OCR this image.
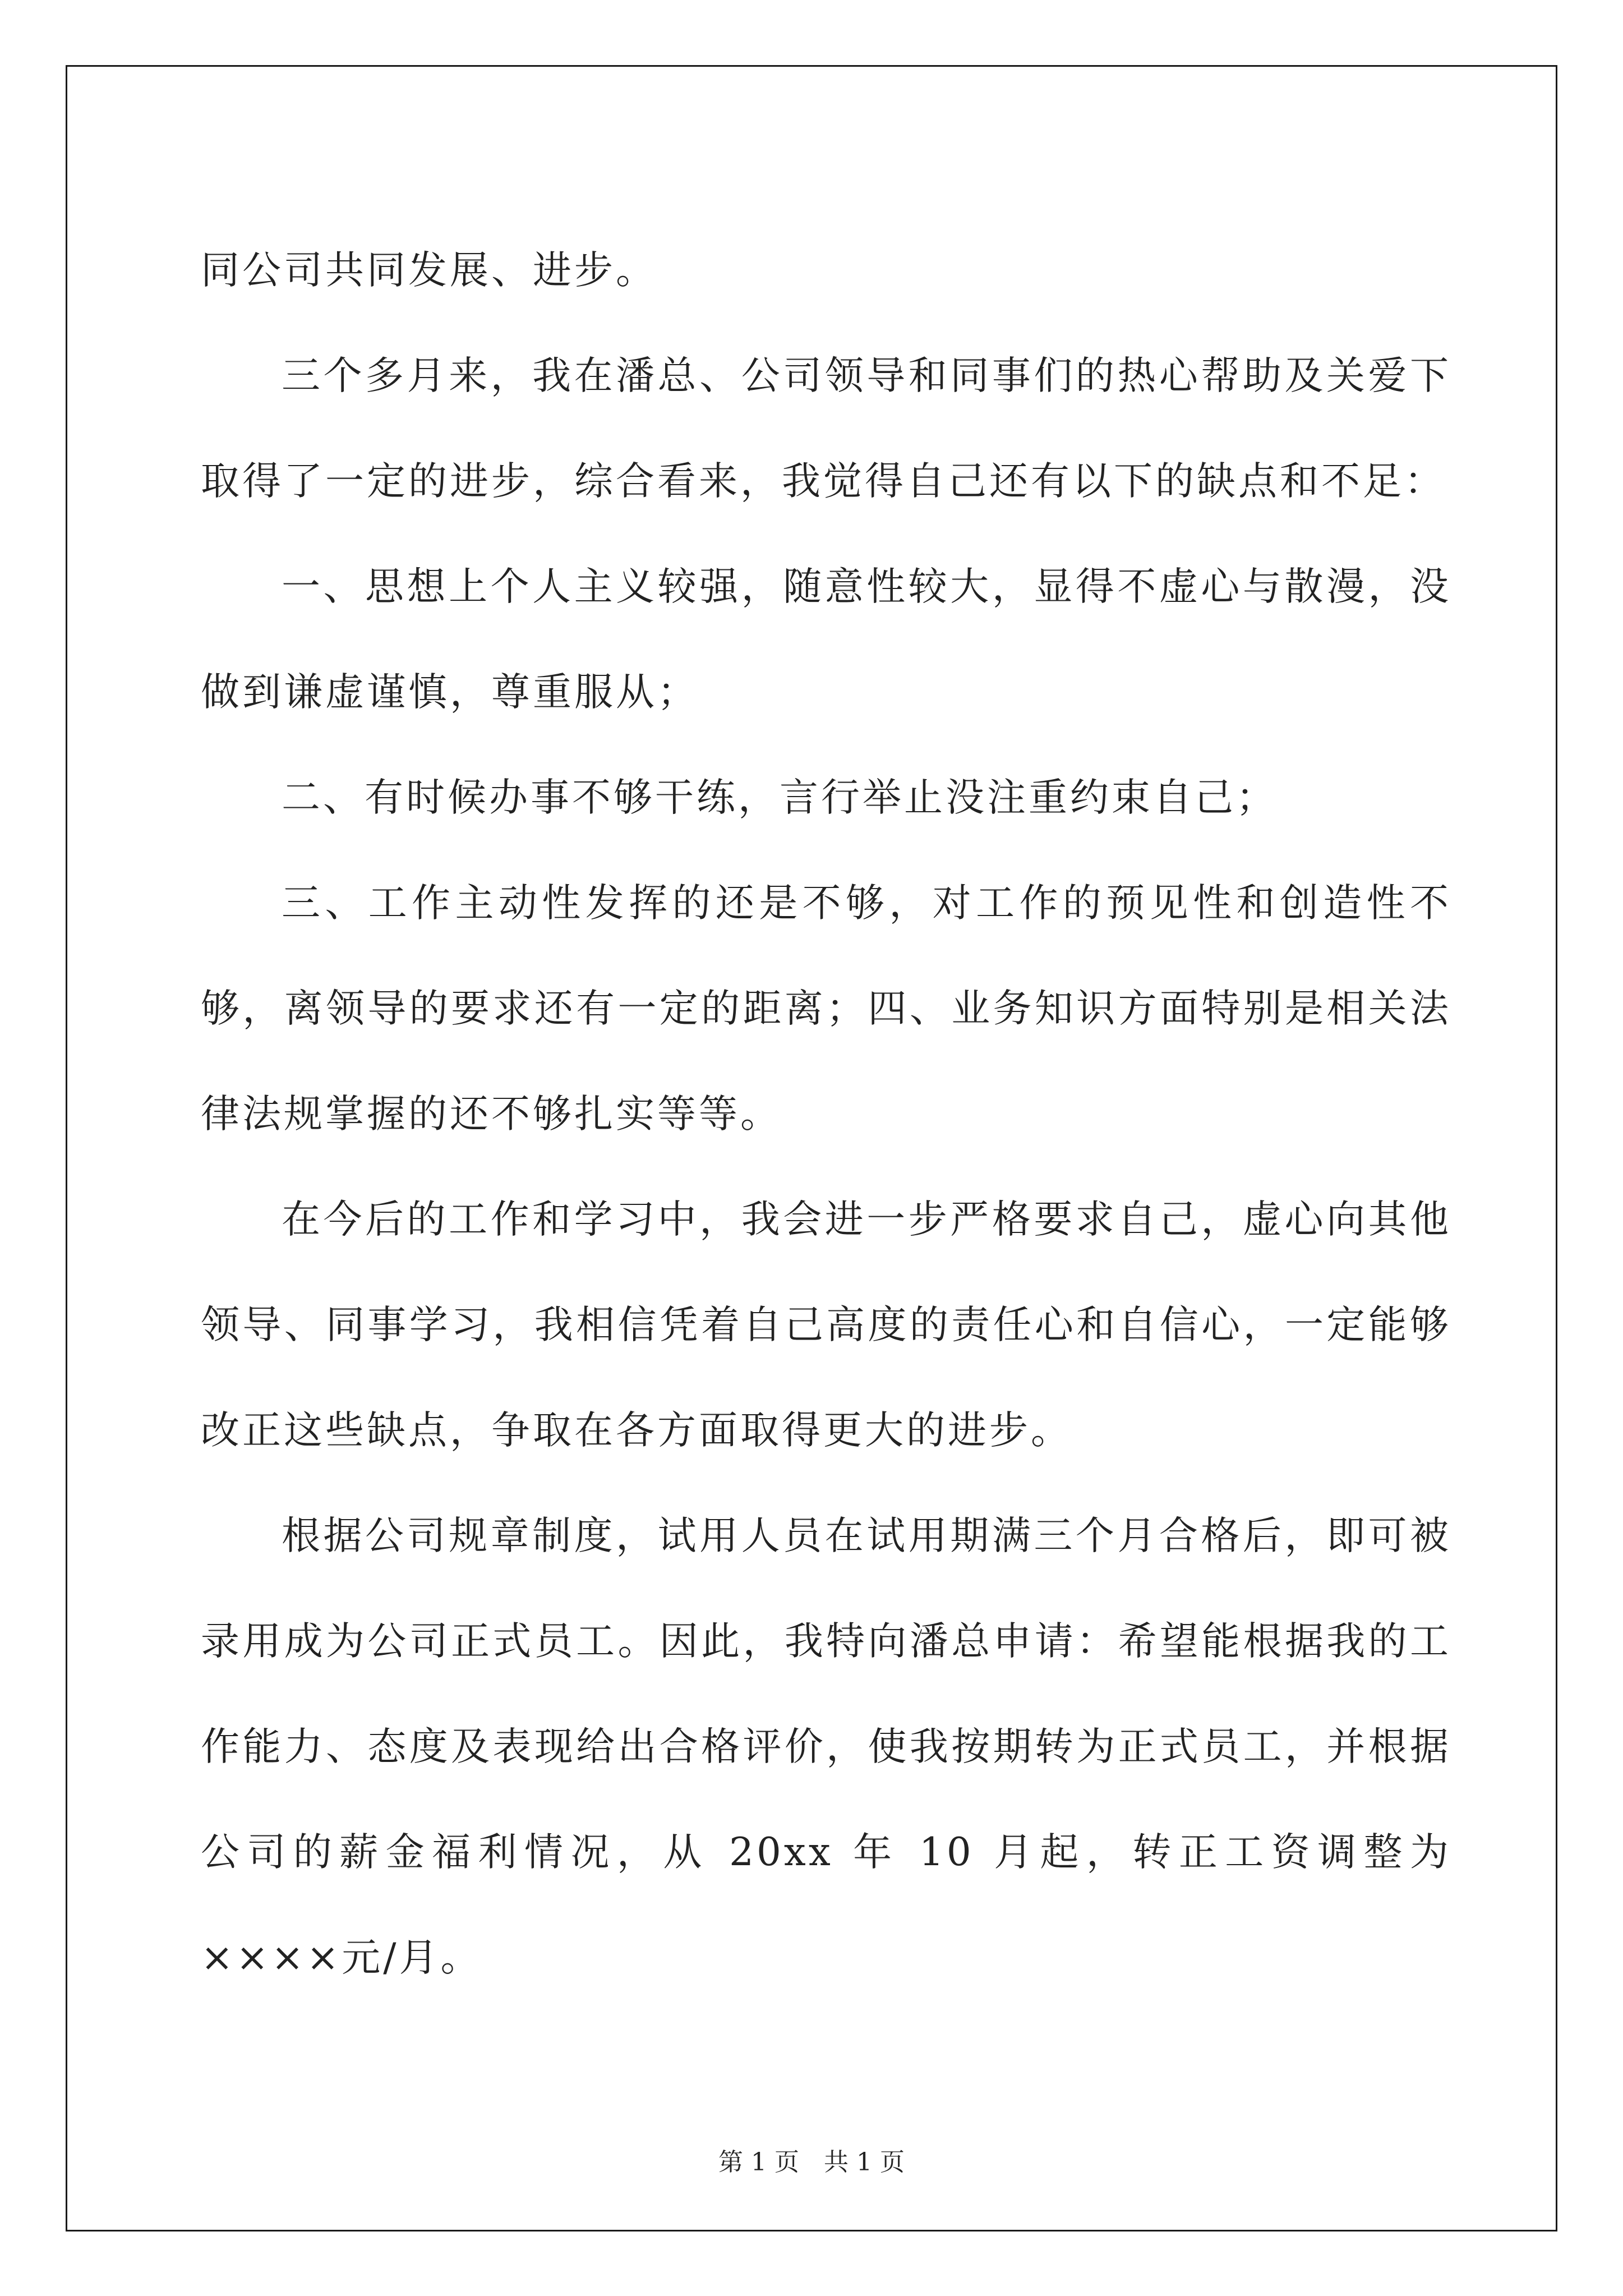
同公司共同发展、进步。

三个多月来，我在潘总、公司领导和同事们的热心帮助及关爱下取得了一定的进步，综合看来，我觉得自己还有以下的缺点和不足：

一、思想上个人主义较强，随意性较大，显得不虚心与散漫，没做到谦虚谨慎，尊重服从；

二、有时候办事不够干练，言行举止没注重约束自己；

三、工作主动性发挥的还是不够，对工作的预见性和创造性不够，离领导的要求还有一定的距离；四、业务知识方面特别是相关法律法规掌握的还不够扎实等等。

在今后的工作和学习中，我会进一步严格要求自己，虚心向其他领导、同事学习，我相信凭着自己高度的责任心和自信心，一定能够改正这些缺点，争取在各方面取得更大的进步。

根据公司规章制度，试用人员在试用期满三个月合格后，即可被录用成为公司正式员工。因此，我特向潘总申请：希望能根据我的工作能力、态度及表现给出合格评价，使我按期转为正式员工，并根据公司的薪金福利情况，从 20xx 年 10 月起，转正工资调整为××××元/月。

第 1 页　共 1 页
